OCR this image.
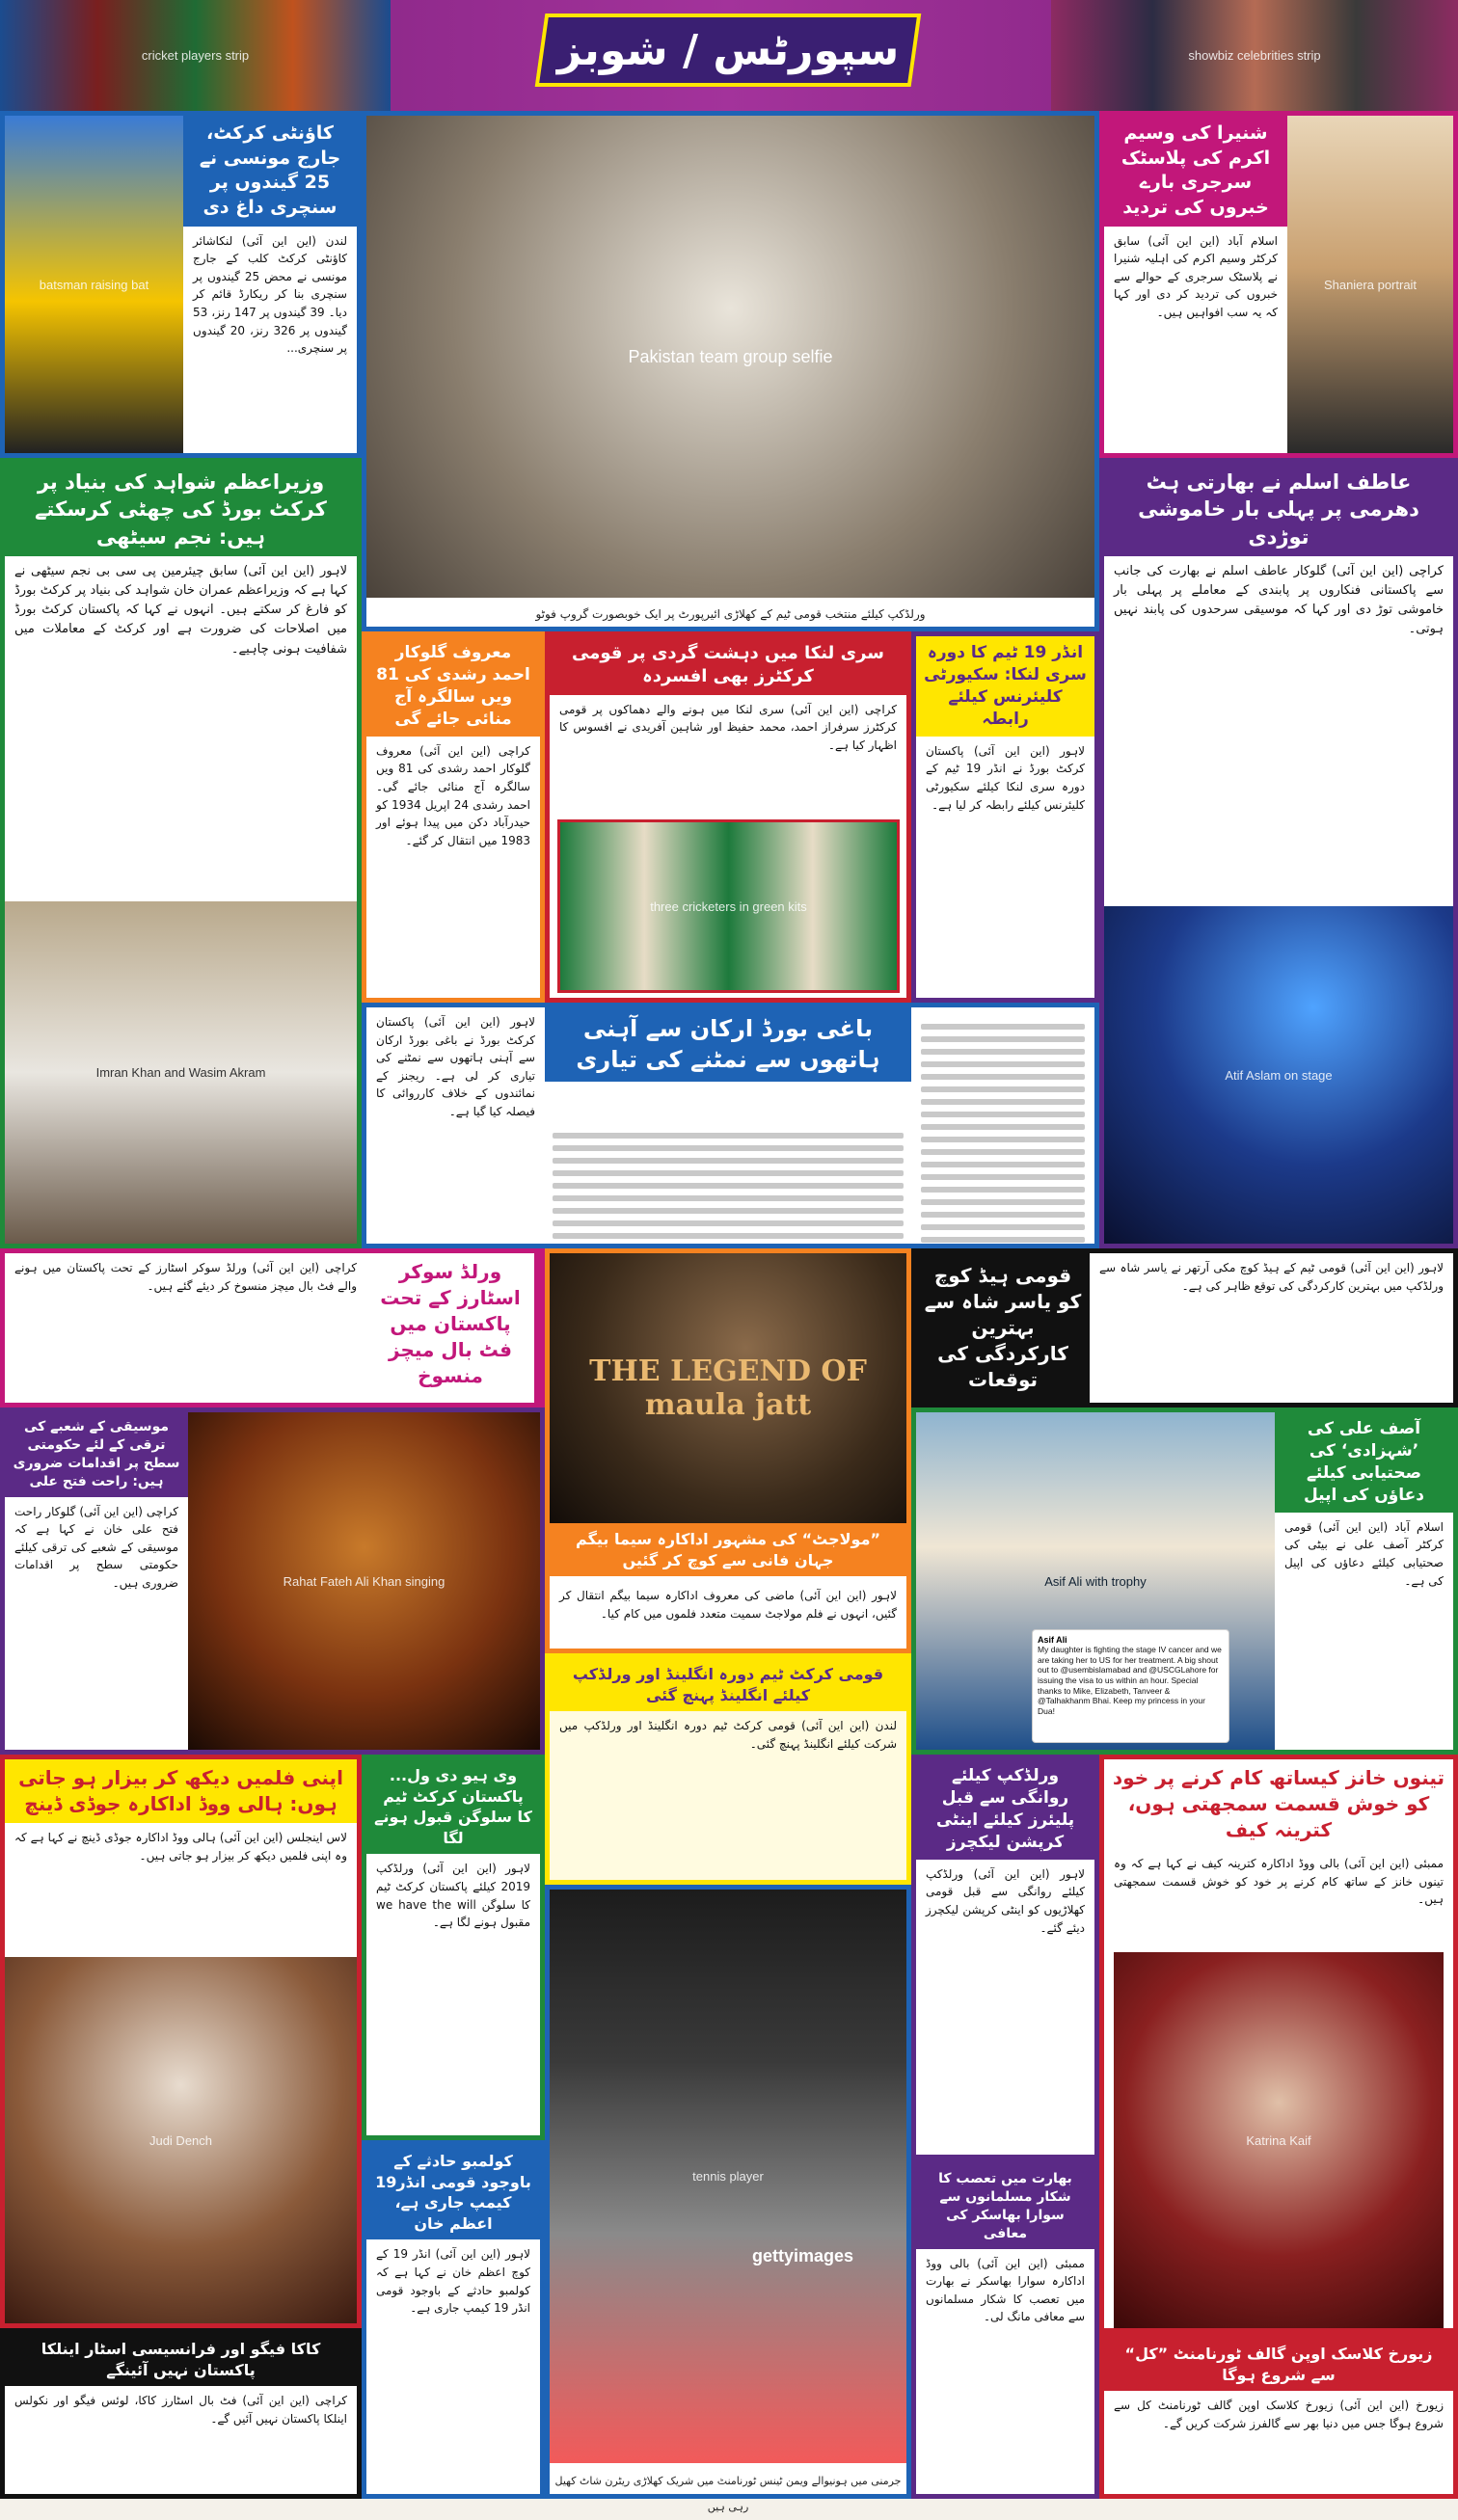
cricket players strip	سپورٹس / شوبز	showbiz celebrities strip
batsman raising bat
کاؤنٹی کرکٹ، جارج مونسی نے 25 گیندوں پر سنچری داغ دی
لندن (این این آئی) لنکاشائر کاؤنٹی کرکٹ کلب کے جارج مونسی نے محض 25 گیندوں پر سنچری بنا کر ریکارڈ قائم کر دیا۔ 39 گیندوں پر 147 رنز، 53 گیندوں پر 326 رنز، 20 گیندوں پر سنچری...	Pakistan team group selfie
ورلڈکپ کیلئے منتخب قومی ٹیم کے کھلاڑی ائیرپورٹ پر ایک خوبصورت گروپ فوٹو
شنیرا کی وسیم اکرم کی پلاسٹک سرجری بارے خبروں کی تردید
اسلام آباد (این این آئی) سابق کرکٹر وسیم اکرم کی اہلیہ شنیرا نے پلاسٹک سرجری کے حوالے سے خبروں کی تردید کر دی اور کہا کہ یہ سب افواہیں ہیں۔
Shaniera portrait
وزیراعظم شواہد کی بنیاد پر کرکٹ بورڈ کی چھٹی کرسکتے ہیں: نجم سیٹھی
لاہور (این این آئی) سابق چیئرمین پی سی بی نجم سیٹھی نے کہا ہے کہ وزیراعظم عمران خان شواہد کی بنیاد پر کرکٹ بورڈ کو فارغ کر سکتے ہیں۔ انہوں نے کہا کہ پاکستان کرکٹ بورڈ میں اصلاحات کی ضرورت ہے اور کرکٹ کے معاملات میں شفافیت ہونی چاہیے۔
Imran Khan and Wasim Akram
معروف گلوکار احمد رشدی کی 81 ویں سالگرہ آج منائی جائے گی
کراچی (این این آئی) معروف گلوکار احمد رشدی کی 81 ویں سالگرہ آج منائی جائے گی۔ احمد رشدی 24 اپریل 1934 کو حیدرآباد دکن میں پیدا ہوئے اور 1983 میں انتقال کر گئے۔
سری لنکا میں دہشت گردی پر قومی کرکٹرز بھی افسردہ
کراچی (این این آئی) سری لنکا میں ہونے والے دھماکوں پر قومی کرکٹرز سرفراز احمد، محمد حفیظ اور شاہین آفریدی نے افسوس کا اظہار کیا ہے۔
three cricketers in green kits
انڈر 19 ٹیم کا دورہ سری لنکا: سکیورٹی کلیئرنس کیلئے رابطہ
لاہور (این این آئی) پاکستان کرکٹ بورڈ نے انڈر 19 ٹیم کے دورہ سری لنکا کیلئے سکیورٹی کلیئرنس کیلئے رابطہ کر لیا ہے۔
عاطف اسلم نے بھارتی ہٹ دھرمی پر پہلی بار خاموشی توڑدی
کراچی (این این آئی) گلوکار عاطف اسلم نے بھارت کی جانب سے پاکستانی فنکاروں پر پابندی کے معاملے پر پہلی بار خاموشی توڑ دی اور کہا کہ موسیقی سرحدوں کی پابند نہیں ہوتی۔
Atif Aslam on stage
لاہور (این این آئی) پاکستان کرکٹ بورڈ نے باغی بورڈ ارکان سے آہنی ہاتھوں سے نمٹنے کی تیاری کر لی ہے۔ ریجنز کے نمائندوں کے خلاف کارروائی کا فیصلہ کیا گیا ہے۔
باغی بورڈ ارکان سے آہنی ہاتھوں سے نمٹنے کی تیاری
کراچی (این این آئی) ورلڈ سوکر اسٹارز کے تحت پاکستان میں ہونے والے فٹ بال میچز منسوخ کر دیئے گئے ہیں۔
ورلڈ سوکر اسٹارز کے تحت پاکستان میں فٹ بال میچز منسوخ	THE LEGEND OF maula jatt
”مولاجٹ“ کی مشہور اداکارہ سیما بیگم جہان فانی سے کوچ کر گئیں
لاہور (این این آئی) ماضی کی معروف اداکارہ سیما بیگم انتقال کر گئیں، انہوں نے فلم مولاجٹ سمیت متعدد فلموں میں کام کیا۔
قومی ہیڈ کوچ کو یاسر شاہ سے بہترین کارکردگی کی توقعات
لاہور (این این آئی) قومی ٹیم کے ہیڈ کوچ مکی آرتھر نے یاسر شاہ سے ورلڈکپ میں بہترین کارکردگی کی توقع ظاہر کی ہے۔
موسیقی کے شعبے کی ترقی کے لئے حکومتی سطح پر اقدامات ضروری ہیں: راحت فتح علی
کراچی (این این آئی) گلوکار راحت فتح علی خان نے کہا ہے کہ موسیقی کے شعبے کی ترقی کیلئے حکومتی سطح پر اقدامات ضروری ہیں۔	Rahat Fateh Ali Khan singing
قومی کرکٹ ٹیم دورہ انگلینڈ اور ورلڈکپ کیلئے انگلینڈ پہنچ گئی
لندن (این این آئی) قومی کرکٹ ٹیم دورہ انگلینڈ اور ورلڈکپ میں شرکت کیلئے انگلینڈ پہنچ گئی۔
Asif Ali with trophy
Asif Ali
My daughter is fighting the stage IV cancer and we are taking her to US for her treatment. A big shout out to @usembislamabad and @USCGLahore for issuing the visa to us within an hour. Special thanks to Mike, Elizabeth, Tanveer & @Talhakhanm Bhai. Keep my princess in your Dua!
آصف علی کی ’شہزادی‘ کی صحتیابی کیلئے دعاؤں کی اپیل
اسلام آباد (این این آئی) قومی کرکٹر آصف علی نے بیٹی کی صحتیابی کیلئے دعاؤں کی اپیل کی ہے۔
اپنی فلمیں دیکھ کر بیزار ہو جاتی ہوں: ہالی ووڈ اداکارہ جوڈی ڈینچ
لاس اینجلس (این این آئی) ہالی ووڈ اداکارہ جوڈی ڈینچ نے کہا ہے کہ وہ اپنی فلمیں دیکھ کر بیزار ہو جاتی ہیں۔
Judi Dench
وی ہیو دی ول... پاکستان کرکٹ ٹیم کا سلوگن قبول ہونے لگا
لاہور (این این آئی) ورلڈکپ 2019 کیلئے پاکستان کرکٹ ٹیم کا سلوگن we have the will مقبول ہونے لگا ہے۔
tennis player
gettyimages
جرمنی میں ہونیوالے ویمن ٹینس ٹورنامنٹ میں شریک کھلاڑی ریٹرن شاٹ کھیل رہی ہیں
ورلڈکپ کیلئے روانگی سے قبل پلیئرز کیلئے اینٹی کرپشن لیکچرز
لاہور (این این آئی) ورلڈکپ کیلئے روانگی سے قبل قومی کھلاڑیوں کو اینٹی کرپشن لیکچرز دیئے گئے۔
تینوں خانز کیساتھ کام کرنے پر خود کو خوش قسمت سمجھتی ہوں، کترینہ کیف
ممبئی (این این آئی) بالی ووڈ اداکارہ کترینہ کیف نے کہا ہے کہ وہ تینوں خانز کے ساتھ کام کرنے پر خود کو خوش قسمت سمجھتی ہیں۔
Katrina Kaif
کولمبو حادثے کے باوجود قومی انڈر19 کیمپ جاری ہے، اعظم خان
لاہور (این این آئی) انڈر 19 کے کوچ اعظم خان نے کہا ہے کہ کولمبو حادثے کے باوجود قومی انڈر 19 کیمپ جاری ہے۔
بھارت میں تعصب کا شکار مسلمانوں سے سوارا بھاسکر کی معافی
ممبئی (این این آئی) بالی ووڈ اداکارہ سوارا بھاسکر نے بھارت میں تعصب کا شکار مسلمانوں سے معافی مانگ لی۔
کاکا فیگو اور فرانسیسی اسٹار اینلکا پاکستان نہیں آئینگے
کراچی (این این آئی) فٹ بال اسٹارز کاکا، لوئس فیگو اور نکولس اینلکا پاکستان نہیں آئیں گے۔
زیورخ کلاسک اوپن گالف ٹورنامنٹ ”کل“ سے شروع ہوگا
زیورخ (این این آئی) زیورخ کلاسک اوپن گالف ٹورنامنٹ کل سے شروع ہوگا جس میں دنیا بھر سے گالفرز شرکت کریں گے۔
